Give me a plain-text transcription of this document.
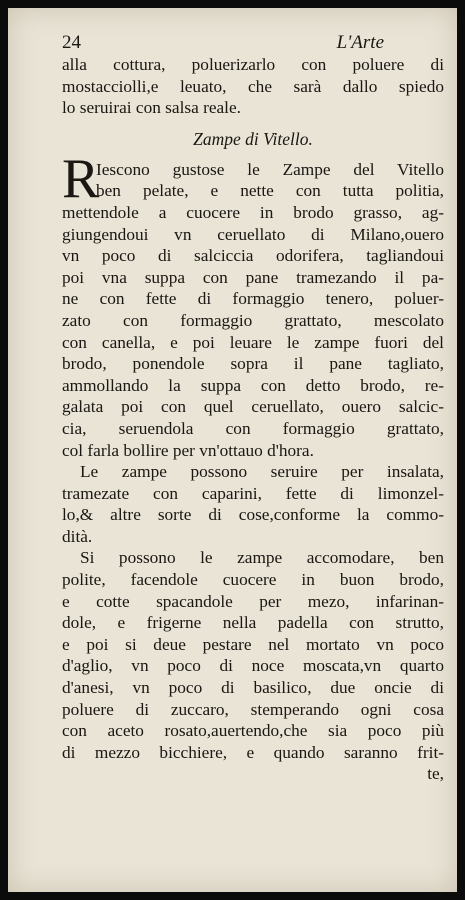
24	L'Arte
alla cottura, poluerizarlo con poluere di
mostacciolli,e leuato, che sarà dallo spiedo
lo seruirai con salsa reale.
Zampe di Vitello.
R
Iescono gustose le Zampe del Vitello
ben pelate, e nette con tutta politia,
mettendole a cuocere in brodo grasso, ag-
giungendoui vn ceruellato di Milano,ouero
vn poco di salciccia odorifera, tagliandoui
poi vna suppa con pane tramezando il pa-
ne con fette di formaggio tenero, poluer-
zato con formaggio grattato, mescolato
con canella, e poi leuare le zampe fuori del
brodo, ponendole sopra il pane tagliato,
ammollando la suppa con detto brodo, re-
galata poi con quel ceruellato, ouero salcic-
cia, seruendola con formaggio grattato,
col farla bollire per vn'ottauo d'hora.
Le zampe possono seruire per insalata,
tramezate con caparini, fette di limonzel-
lo,& altre sorte di cose,conforme la commo-
dità.
Si possono le zampe accomodare, ben
polite, facendole cuocere in buon brodo,
e cotte spacandole per mezo, infarinan-
dole, e frigerne nella padella con strutto,
e poi si deue pestare nel mortato vn poco
d'aglio, vn poco di noce moscata,vn quarto
d'anesi, vn poco di basilico, due oncie di
poluere di zuccaro, stemperando ogni cosa
con aceto rosato,auertendo,che sia poco più
di mezzo bicchiere, e quando saranno frit-
te,
